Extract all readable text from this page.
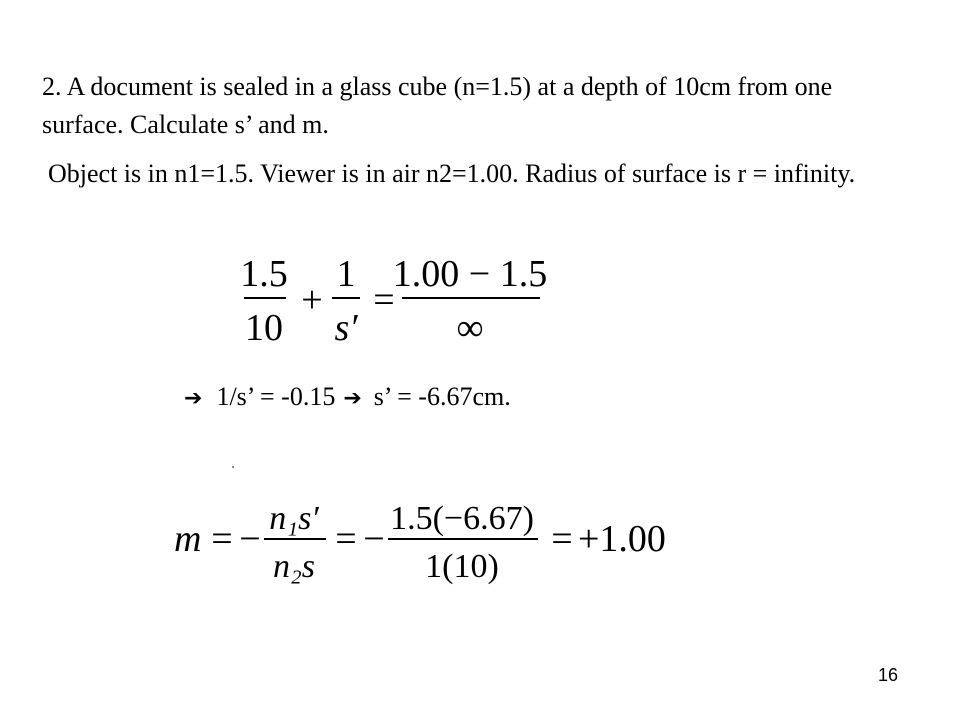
2. A document is sealed in a glass cube (n=1.5) at a depth of 10cm from one surface. Calculate s’ and m.

Object is in n1=1.5. Viewer is in air n2=1.00. Radius of surface is r = infinity.

1.5
10
+
1
s′
=
1.00 − 1.5
∞
➔ 1/s’ = -0.15 ➔ s’ = -6.67cm.
m = − n₁s′
n₂s
= − 1.5(−6.67)
1(10)
= +1.00
16
